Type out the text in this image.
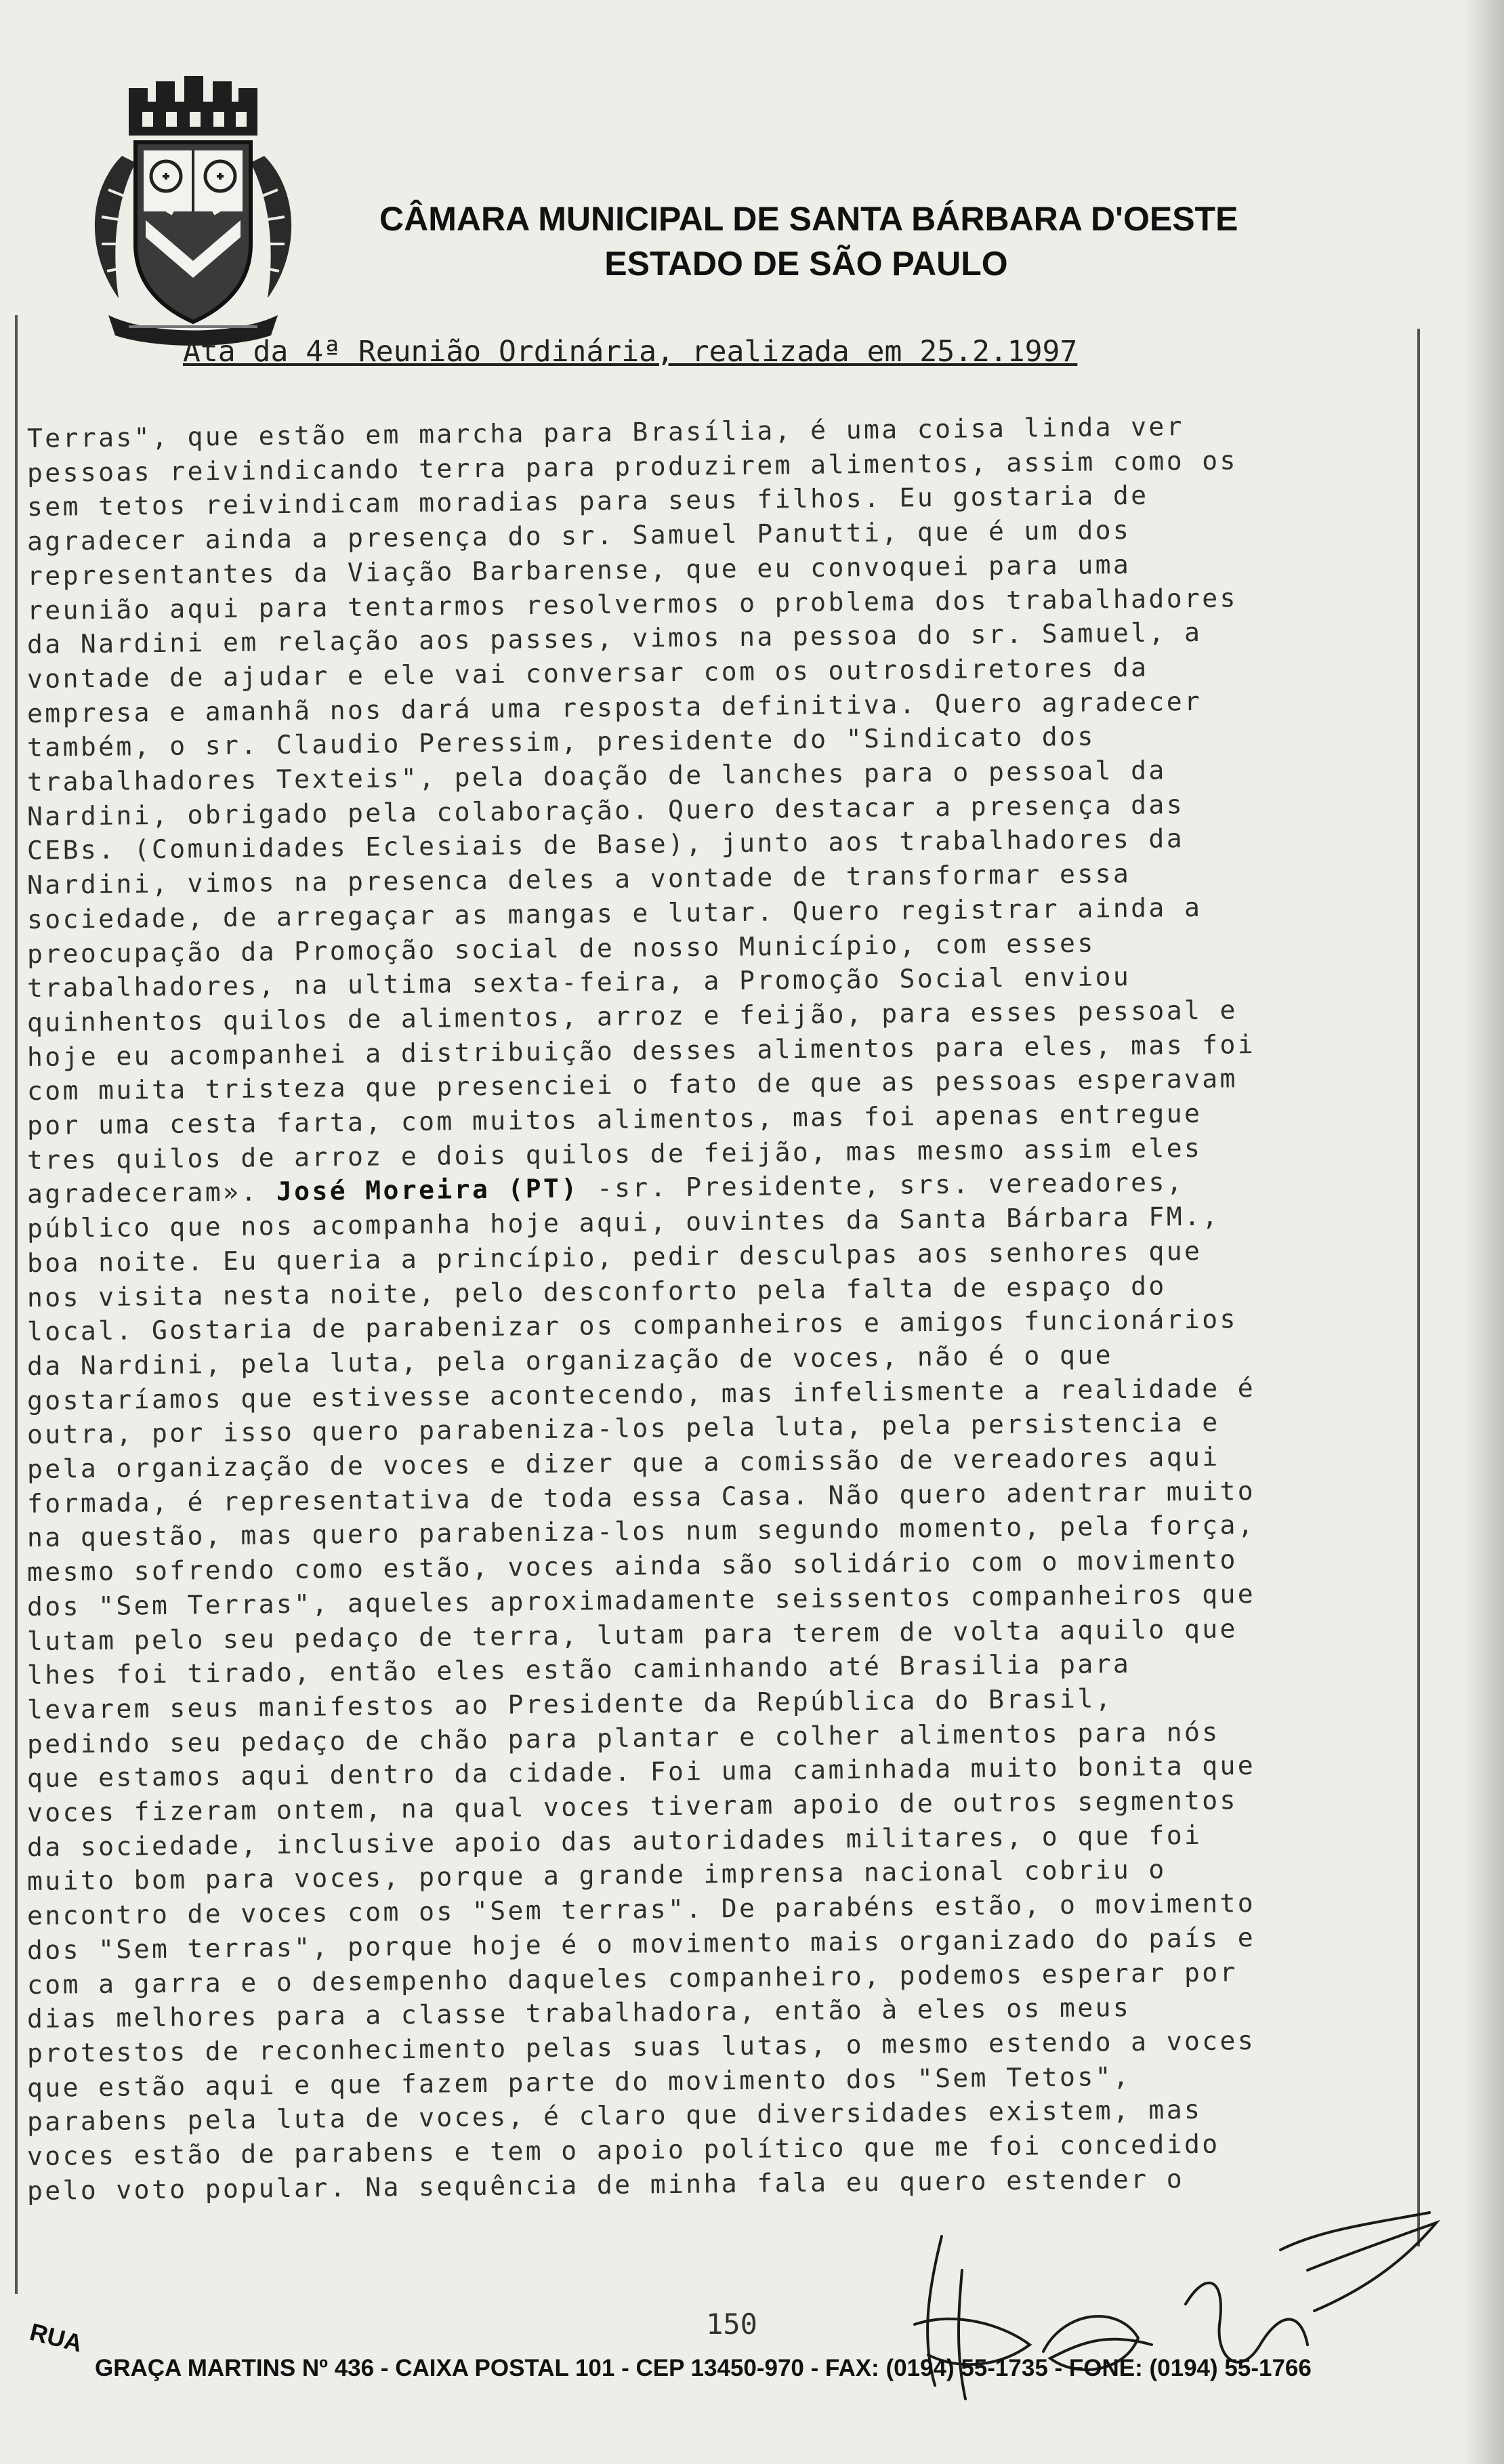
CÂMARA MUNICIPAL DE SANTA BÁRBARA D'OESTE
ESTADO DE SÃO PAULO
Ata da 4ª Reunião Ordinária, realizada em 25.2.1997
Terras", que estão em marcha para Brasília, é uma coisa linda ver
pessoas reivindicando terra para produzirem alimentos, assim como os
sem tetos reivindicam moradias para seus filhos. Eu gostaria de
agradecer ainda a presença do sr. Samuel Panutti, que é um dos
representantes da Viação Barbarense, que eu convoquei para uma
reunião aqui para tentarmos resolvermos o problema dos trabalhadores
da Nardini em relação aos passes, vimos na pessoa do sr. Samuel, a
vontade de ajudar e ele vai conversar com os outrosdiretores da
empresa e amanhã nos dará uma resposta definitiva. Quero agradecer
também, o sr. Claudio Peressim, presidente do "Sindicato dos
trabalhadores Texteis", pela doação de lanches para o pessoal da
Nardini, obrigado pela colaboração. Quero destacar a presença das
CEBs. (Comunidades Eclesiais de Base), junto aos trabalhadores da
Nardini, vimos na presenca deles a vontade de transformar essa
sociedade, de arregaçar as mangas e lutar. Quero registrar ainda a
preocupação da Promoção social de nosso Município, com esses
trabalhadores, na ultima sexta-feira, a Promoção Social enviou
quinhentos quilos de alimentos, arroz e feijão, para esses pessoal e
hoje eu acompanhei a distribuição desses alimentos para eles, mas foi
com muita tristeza que presenciei o fato de que as pessoas esperavam
por uma cesta farta, com muitos alimentos, mas foi apenas entregue
tres quilos de arroz e dois quilos de feijão, mas mesmo assim eles
agradeceram». José Moreira (PT) -sr. Presidente, srs. vereadores,
público que nos acompanha hoje aqui, ouvintes da Santa Bárbara FM.,
boa noite. Eu queria a princípio, pedir desculpas aos senhores que
nos visita nesta noite, pelo desconforto pela falta de espaço do
local. Gostaria de parabenizar os companheiros e amigos funcionários
da Nardini, pela luta, pela organização de voces, não é o que
gostaríamos que estivesse acontecendo, mas infelismente a realidade é
outra, por isso quero parabeniza-los pela luta, pela persistencia e
pela organização de voces e dizer que a comissão de vereadores aqui
formada, é representativa de toda essa Casa. Não quero adentrar muito
na questão, mas quero parabeniza-los num segundo momento, pela força,
mesmo sofrendo como estão, voces ainda são solidário com o movimento
dos "Sem Terras", aqueles aproximadamente seissentos companheiros que
lutam pelo seu pedaço de terra, lutam para terem de volta aquilo que
lhes foi tirado, então eles estão caminhando até Brasilia para
levarem seus manifestos ao Presidente da República do Brasil,
pedindo seu pedaço de chão para plantar e colher alimentos para nós
que estamos aqui dentro da cidade. Foi uma caminhada muito bonita que
voces fizeram ontem, na qual voces tiveram apoio de outros segmentos
da sociedade, inclusive apoio das autoridades militares, o que foi
muito bom para voces, porque a grande imprensa nacional cobriu o
encontro de voces com os "Sem terras". De parabéns estão, o movimento
dos "Sem terras", porque hoje é o movimento mais organizado do país e
com a garra e o desempenho daqueles companheiro, podemos esperar por
dias melhores para a classe trabalhadora, então à eles os meus
protestos de reconhecimento pelas suas lutas, o mesmo estendo a voces
que estão aqui e que fazem parte do movimento dos "Sem Tetos",
parabens pela luta de voces, é claro que diversidades existem, mas
voces estão de parabens e tem o apoio político que me foi concedido
pelo voto popular. Na sequência de minha fala eu quero estender o
150
RUA
GRAÇA MARTINS Nº 436 - CAIXA POSTAL 101 - CEP 13450-970 - FAX: (0194) 55-1735 - FONE: (0194) 55-1766
